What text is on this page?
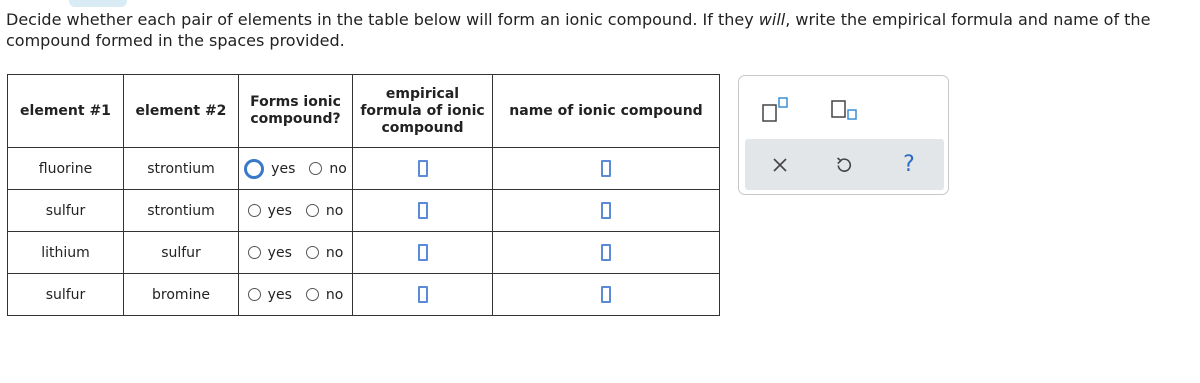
Decide whether each pair of elements in the table below will form an ionic compound. If they will, write the empirical formula and name of the compound formed in the spaces provided.
element #1	element #2	Forms ionic compound?	empirical formula of ionic compound	name of ionic compound
fluorine	strontium	yes no		

sulfur	strontium	yes no		

lithium	sulfur	yes no		

sulfur	bromine	yes no		

?
